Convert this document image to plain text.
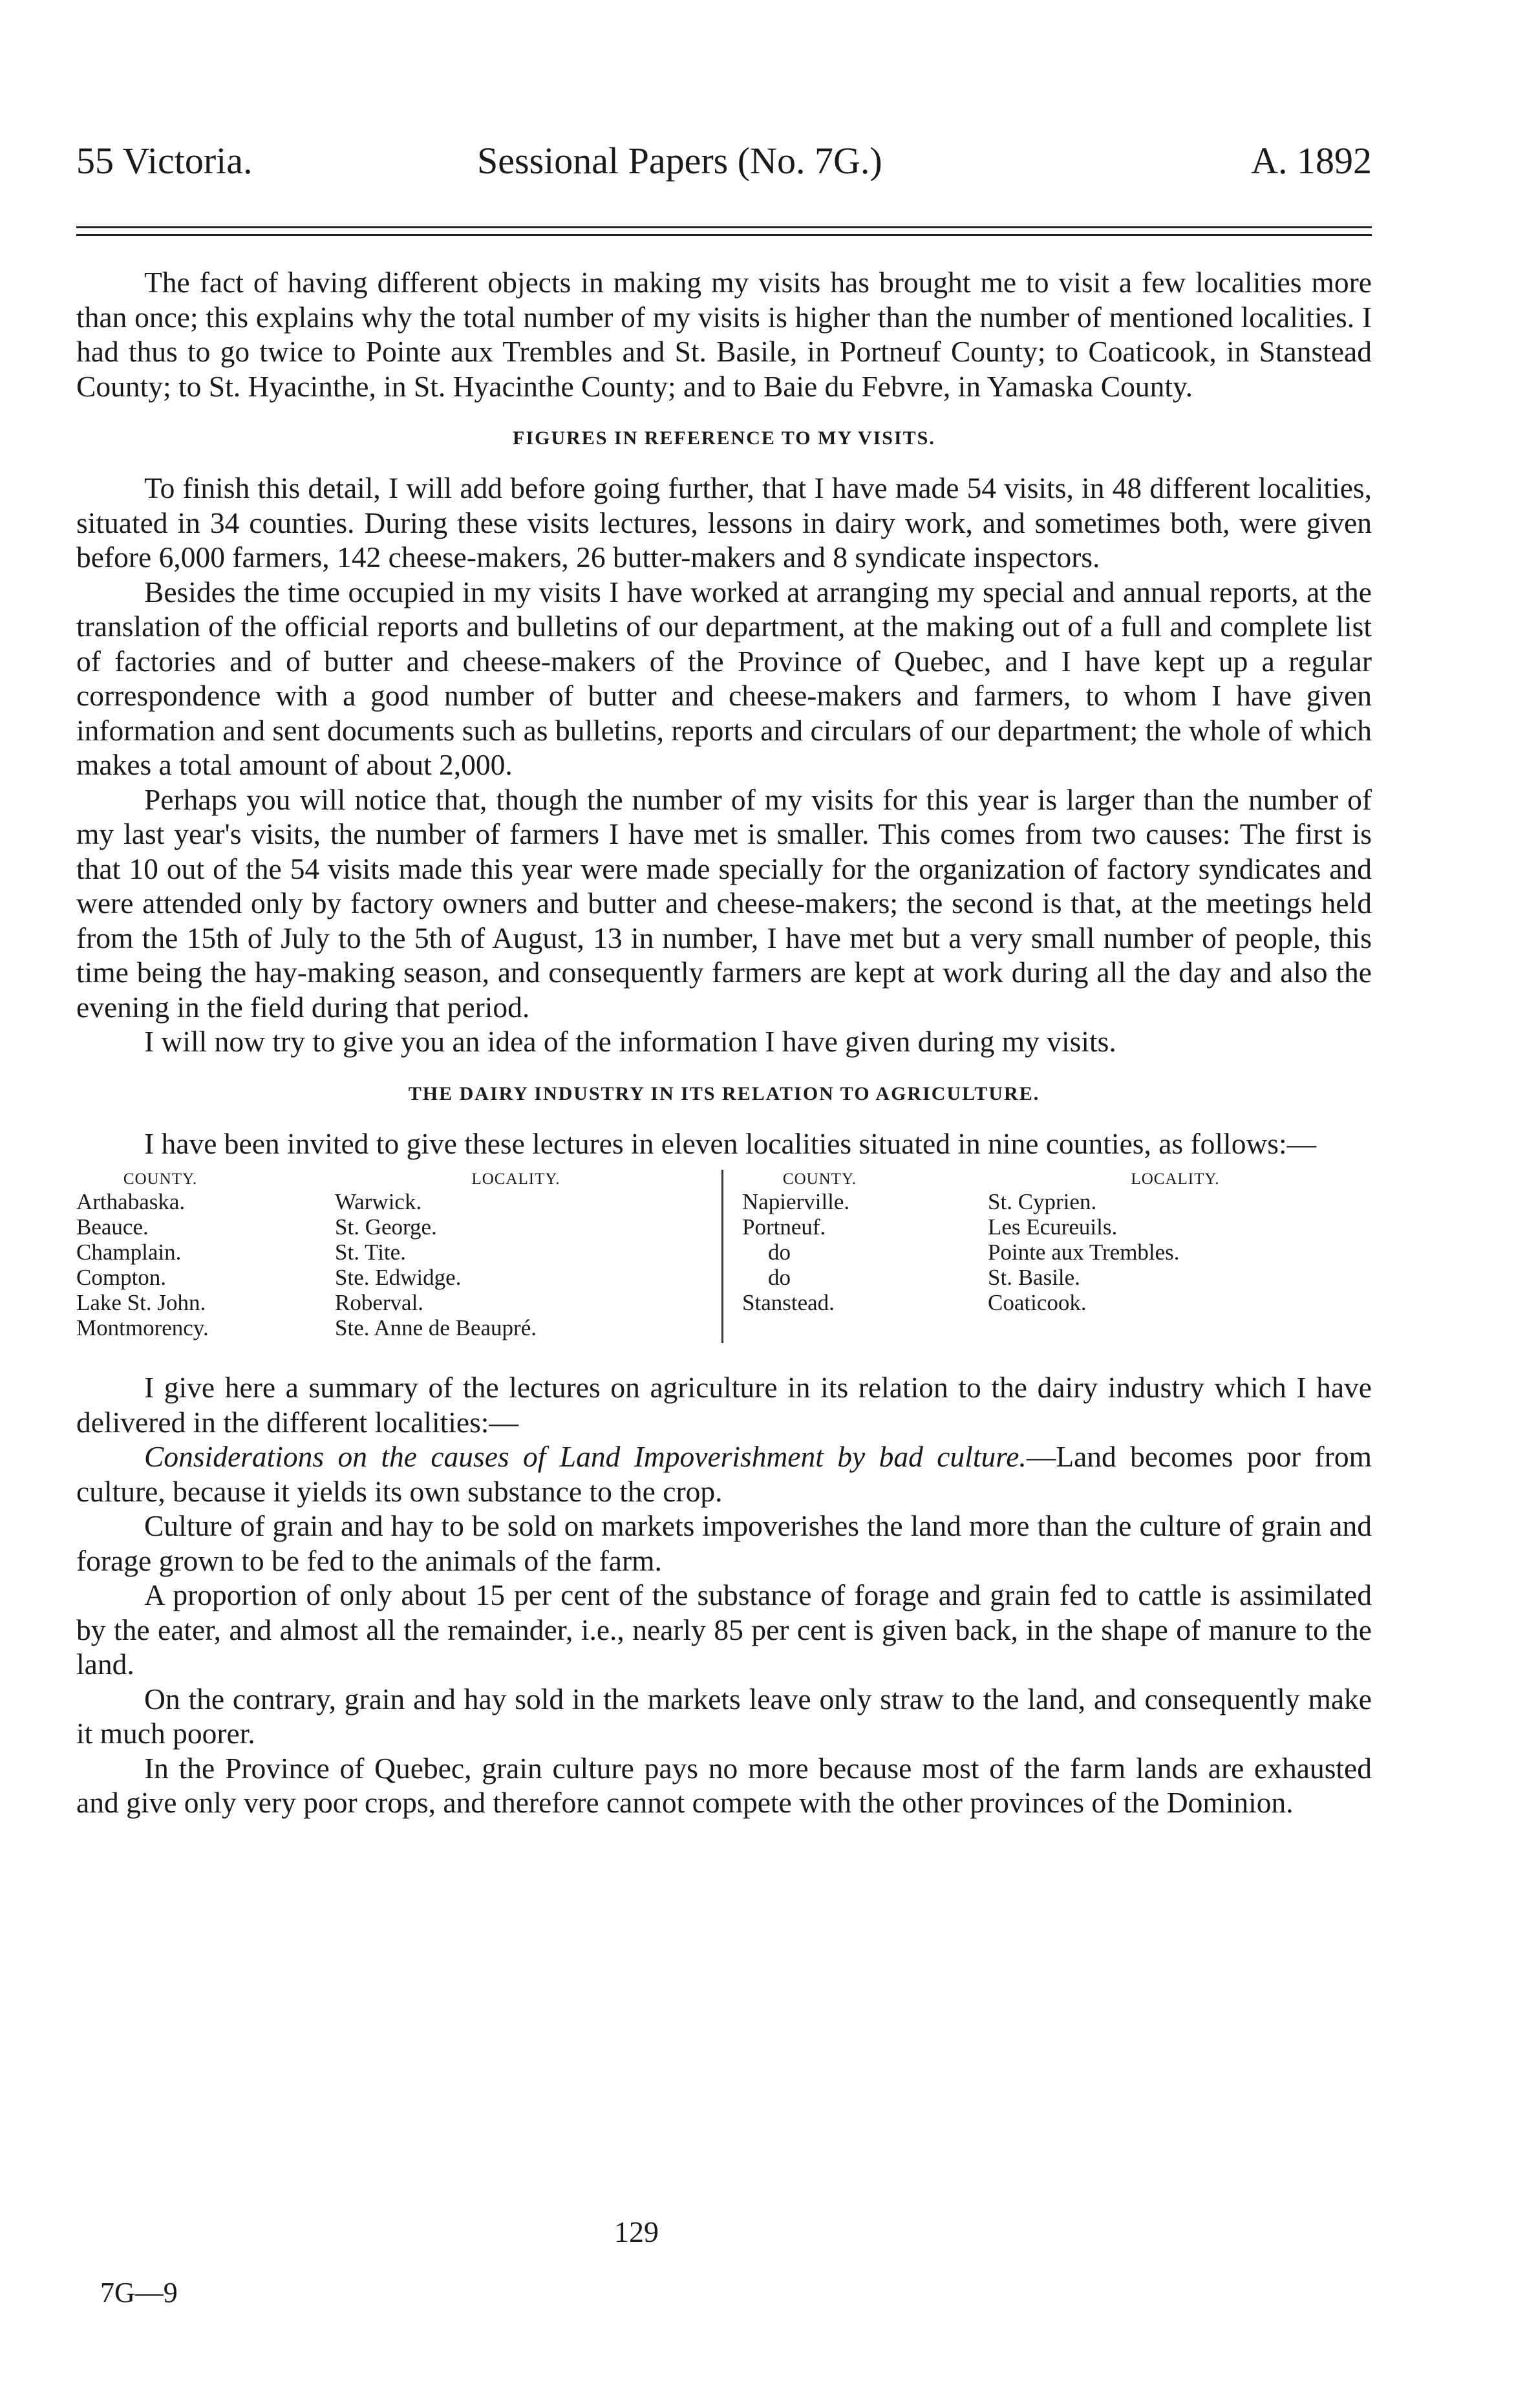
55 Victoria.	Sessional Papers (No. 7G.)	A. 1892

The fact of having different objects in making my visits has brought me to visit a few localities more than once; this explains why the total number of my visits is higher than the number of mentioned localities. I had thus to go twice to Pointe aux Trembles and St. Basile, in Portneuf County; to Coaticook, in Stanstead County; to St. Hyacinthe, in St. Hyacinthe County; and to Baie du Febvre, in Yamaska County.

FIGURES IN REFERENCE TO MY VISITS.

To finish this detail, I will add before going further, that I have made 54 visits, in 48 different localities, situated in 34 counties. During these visits lectures, lessons in dairy work, and sometimes both, were given before 6,000 farmers, 142 cheese-makers, 26 butter-makers and 8 syndicate inspectors.

Besides the time occupied in my visits I have worked at arranging my special and annual reports, at the translation of the official reports and bulletins of our department, at the making out of a full and complete list of factories and of butter and cheese-makers of the Province of Quebec, and I have kept up a regular correspondence with a good number of butter and cheese-makers and farmers, to whom I have given information and sent documents such as bulletins, reports and circulars of our department; the whole of which makes a total amount of about 2,000.

Perhaps you will notice that, though the number of my visits for this year is larger than the number of my last year's visits, the number of farmers I have met is smaller. This comes from two causes: The first is that 10 out of the 54 visits made this year were made specially for the organization of factory syndicates and were attended only by factory owners and butter and cheese-makers; the second is that, at the meetings held from the 15th of July to the 5th of August, 13 in number, I have met but a very small number of people, this time being the hay-making season, and consequently farmers are kept at work during all the day and also the evening in the field during that period.

I will now try to give you an idea of the information I have given during my visits.

THE DAIRY INDUSTRY IN ITS RELATION TO AGRICULTURE.

I have been invited to give these lectures in eleven localities situated in nine counties, as follows:—

COUNTY.
Arthabaska.
Beauce.
Champlain.
Compton.
Lake St. John.
Montmorency.
LOCALITY.
Warwick.
St. George.
St. Tite.
Ste. Edwidge.
Roberval.
Ste. Anne de Beaupré.
COUNTY.
Napierville.
Portneuf.
do
do
Stanstead.
LOCALITY.
St. Cyprien.
Les Ecureuils.
Pointe aux Trembles.
St. Basile.
Coaticook.

I give here a summary of the lectures on agriculture in its relation to the dairy industry which I have delivered in the different localities:—

Considerations on the causes of Land Impoverishment by bad culture.—Land becomes poor from culture, because it yields its own substance to the crop.

Culture of grain and hay to be sold on markets impoverishes the land more than the culture of grain and forage grown to be fed to the animals of the farm.

A proportion of only about 15 per cent of the substance of forage and grain fed to cattle is assimilated by the eater, and almost all the remainder, i.e., nearly 85 per cent is given back, in the shape of manure to the land.

On the contrary, grain and hay sold in the markets leave only straw to the land, and consequently make it much poorer.

In the Province of Quebec, grain culture pays no more because most of the farm lands are exhausted and give only very poor crops, and therefore cannot compete with the other provinces of the Dominion.

129
7G—9
